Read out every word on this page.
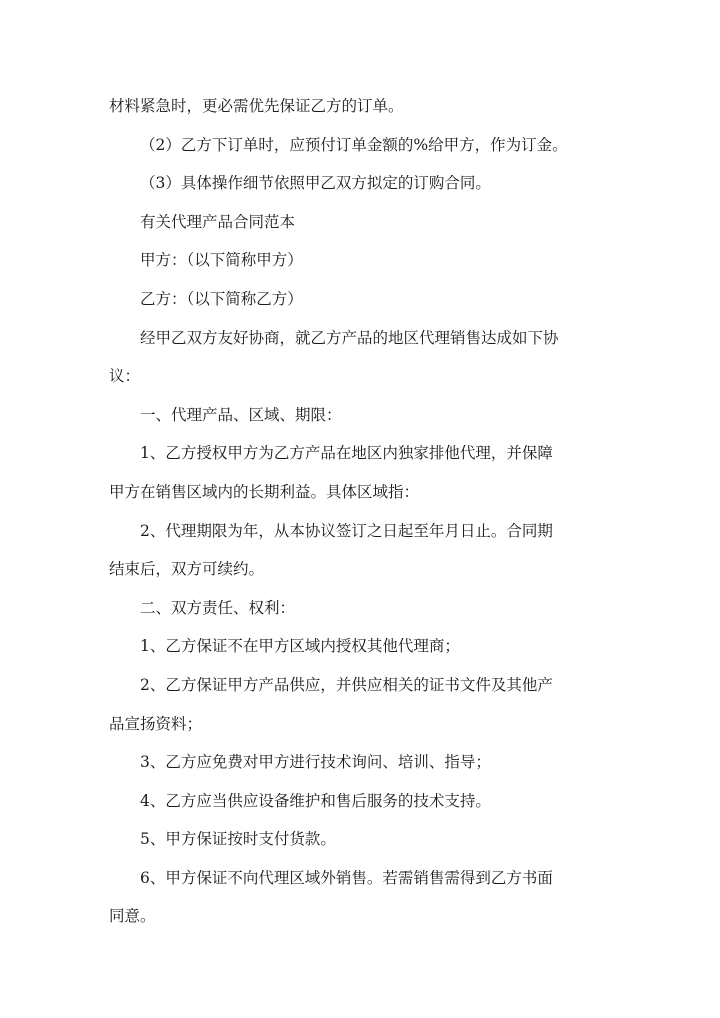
材料紧急时，更必需优先保证乙方的订单。

（2）乙方下订单时，应预付订单金额的%给甲方，作为订金。

（3）具体操作细节依照甲乙双方拟定的订购合同。

有关代理产品合同范本

甲方：（以下简称甲方）

乙方：（以下简称乙方）

经甲乙双方友好协商，就乙方产品的地区代理销售达成如下协

议：

一、代理产品、区域、期限：

1、乙方授权甲方为乙方产品在地区内独家排他代理，并保障

甲方在销售区域内的长期利益。具体区域指：

2、代理期限为年，从本协议签订之日起至年月日止。合同期

结束后，双方可续约。

二、双方责任、权利：

1、乙方保证不在甲方区域内授权其他代理商；

2、乙方保证甲方产品供应，并供应相关的证书文件及其他产

品宣扬资料；

3、乙方应免费对甲方进行技术询问、培训、指导；

4、乙方应当供应设备维护和售后服务的技术支持。

5、甲方保证按时支付货款。

6、甲方保证不向代理区域外销售。若需销售需得到乙方书面

同意。
